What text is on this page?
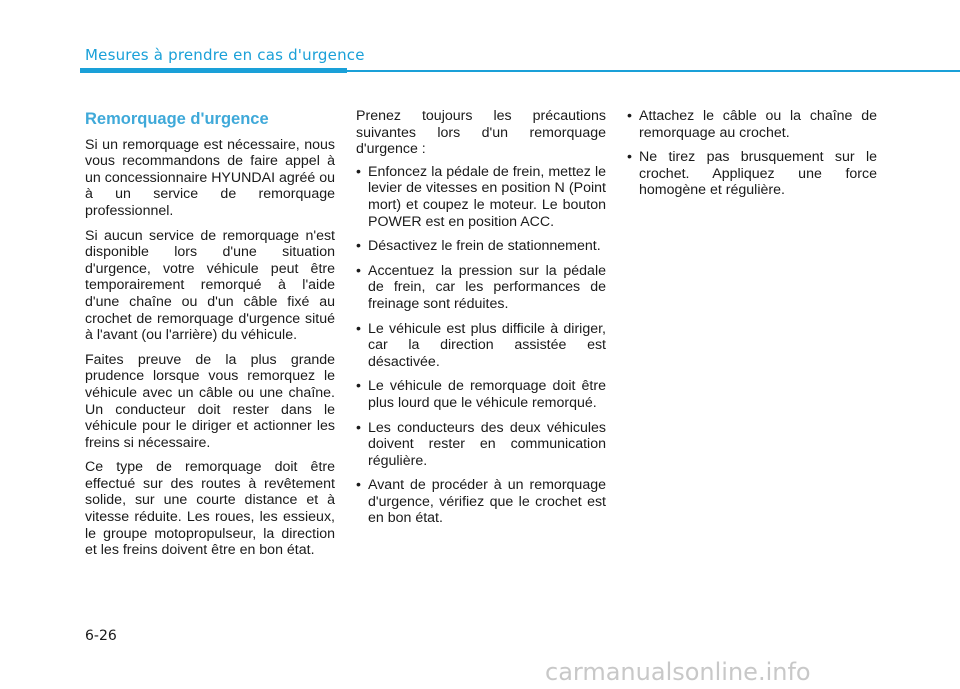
Mesures à prendre en cas d'urgence
Remorquage d'urgence

Si un remorquage est nécessaire, nous vous recommandons de faire appel à un concessionnaire HYUNDAI agréé ou à un service de remorquage professionnel.

Si aucun service de remorquage n'est disponible lors d'une situation d'urgence, votre véhicule peut être temporairement remorqué à l'aide d'une chaîne ou d'un câble fixé au crochet de remorquage d'urgence situé à l'avant (ou l'arrière) du véhicule.

Faites preuve de la plus grande prudence lorsque vous remorquez le véhicule avec un câble ou une chaîne. Un conducteur doit rester dans le véhicule pour le diriger et actionner les freins si nécessaire.

Ce type de remorquage doit être effectué sur des routes à revêtement solide, sur une courte distance et à vitesse réduite. Les roues, les essieux, le groupe motopropulseur, la direction et les freins doivent être en bon état.

Prenez toujours les précautions suivantes lors d'un remorquage d'urgence :

• Enfoncez la pédale de frein, mettez le levier de vitesses en position N (Point mort) et coupez le moteur. Le bouton POWER est en position ACC.
• Désactivez le frein de stationnement.
• Accentuez la pression sur la pédale de frein, car les performances de freinage sont réduites.
• Le véhicule est plus difficile à diriger, car la direction assistée est désactivée.
• Le véhicule de remorquage doit être plus lourd que le véhicule remorqué.
• Les conducteurs des deux véhicules doivent rester en communication régulière.
• Avant de procéder à un remorquage d'urgence, vérifiez que le crochet est en bon état.
• Attachez le câble ou la chaîne de remorquage au crochet.
• Ne tirez pas brusquement sur le crochet. Appliquez une force homogène et régulière.
6-26
carmanualsonline.info
